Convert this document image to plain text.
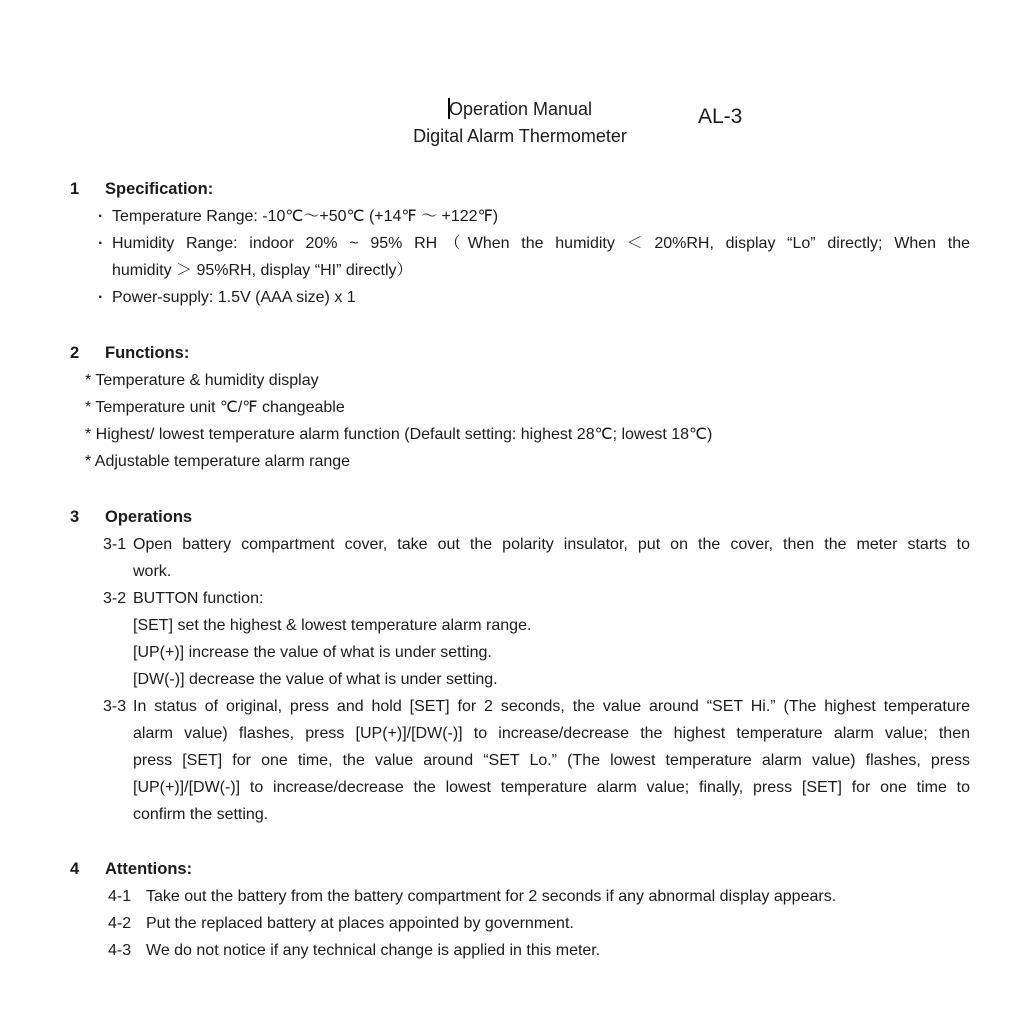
Operation Manual
Digital Alarm Thermometer
AL-3
1	Specification:
· Temperature Range: -10℃～+50℃ (+14℉ ～ +122℉)
· Humidity Range: indoor 20% ~ 95% RH（When the humidity ＜ 20%RH, display “Lo” directly; When the
humidity ＞ 95%RH, display “HI” directly）
· Power-supply: 1.5V (AAA size) x 1
2	Functions:
* Temperature & humidity display
* Temperature unit ℃/℉ changeable
* Highest/ lowest temperature alarm function (Default setting: highest 28℃; lowest 18℃)
* Adjustable temperature alarm range
3	Operations
3-1 Open battery compartment cover, take out the polarity insulator, put on the cover, then the meter starts to
work.
3-2 BUTTON function:
[SET] set the highest & lowest temperature alarm range.
[UP(+)] increase the value of what is under setting.
[DW(-)] decrease the value of what is under setting.
3-3 In status of original, press and hold [SET] for 2 seconds, the value around “SET Hi.” (The highest temperature
alarm value) flashes, press [UP(+)]/[DW(-)] to increase/decrease the highest temperature alarm value; then
press [SET] for one time, the value around “SET Lo.” (The lowest temperature alarm value) flashes, press
[UP(+)]/[DW(-)] to increase/decrease the lowest temperature alarm value; finally, press [SET] for one time to
confirm the setting.
4	Attentions:
4-1 Take out the battery from the battery compartment for 2 seconds if any abnormal display appears.
4-2 Put the replaced battery at places appointed by government.
4-3 We do not notice if any technical change is applied in this meter.
